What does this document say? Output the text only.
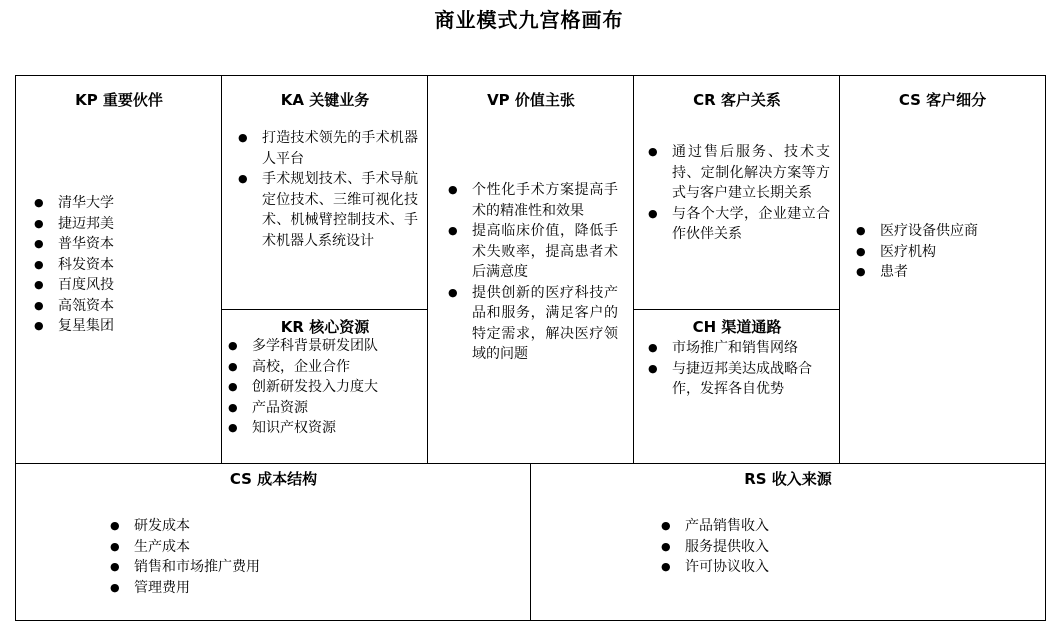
商业模式九宫格画布
KP 重要伙伴
● 清华大学
● 捷迈邦美
● 普华资本
● 科发资本
● 百度风投
● 高瓴资本
● 复星集团
KA 关键业务
● 打造技术领先的手术机器人平台
● 手术规划技术、手术导航定位技术、三维可视化技术、机械臂控制技术、手术机器人系统设计
KR 核心资源
● 多学科背景研发团队
● 高校，企业合作
● 创新研发投入力度大
● 产品资源
● 知识产权资源
VP 价值主张
● 个性化手术方案提高手术的精准性和效果
● 提高临床价值，降低手术失败率，提高患者术后满意度
● 提供创新的医疗科技产品和服务，满足客户的特定需求，解决医疗领域的问题
CR 客户关系
● 通过售后服务、技术支持、定制化解决方案等方式与客户建立长期关系
● 与各个大学，企业建立合作伙伴关系
CH 渠道通路
● 市场推广和销售网络
● 与捷迈邦美达成战略合作，发挥各自优势
CS 客户细分
● 医疗设备供应商
● 医疗机构
● 患者
CS 成本结构
● 研发成本
● 生产成本
● 销售和市场推广费用
● 管理费用
RS 收入来源
● 产品销售收入
● 服务提供收入
● 许可协议收入
